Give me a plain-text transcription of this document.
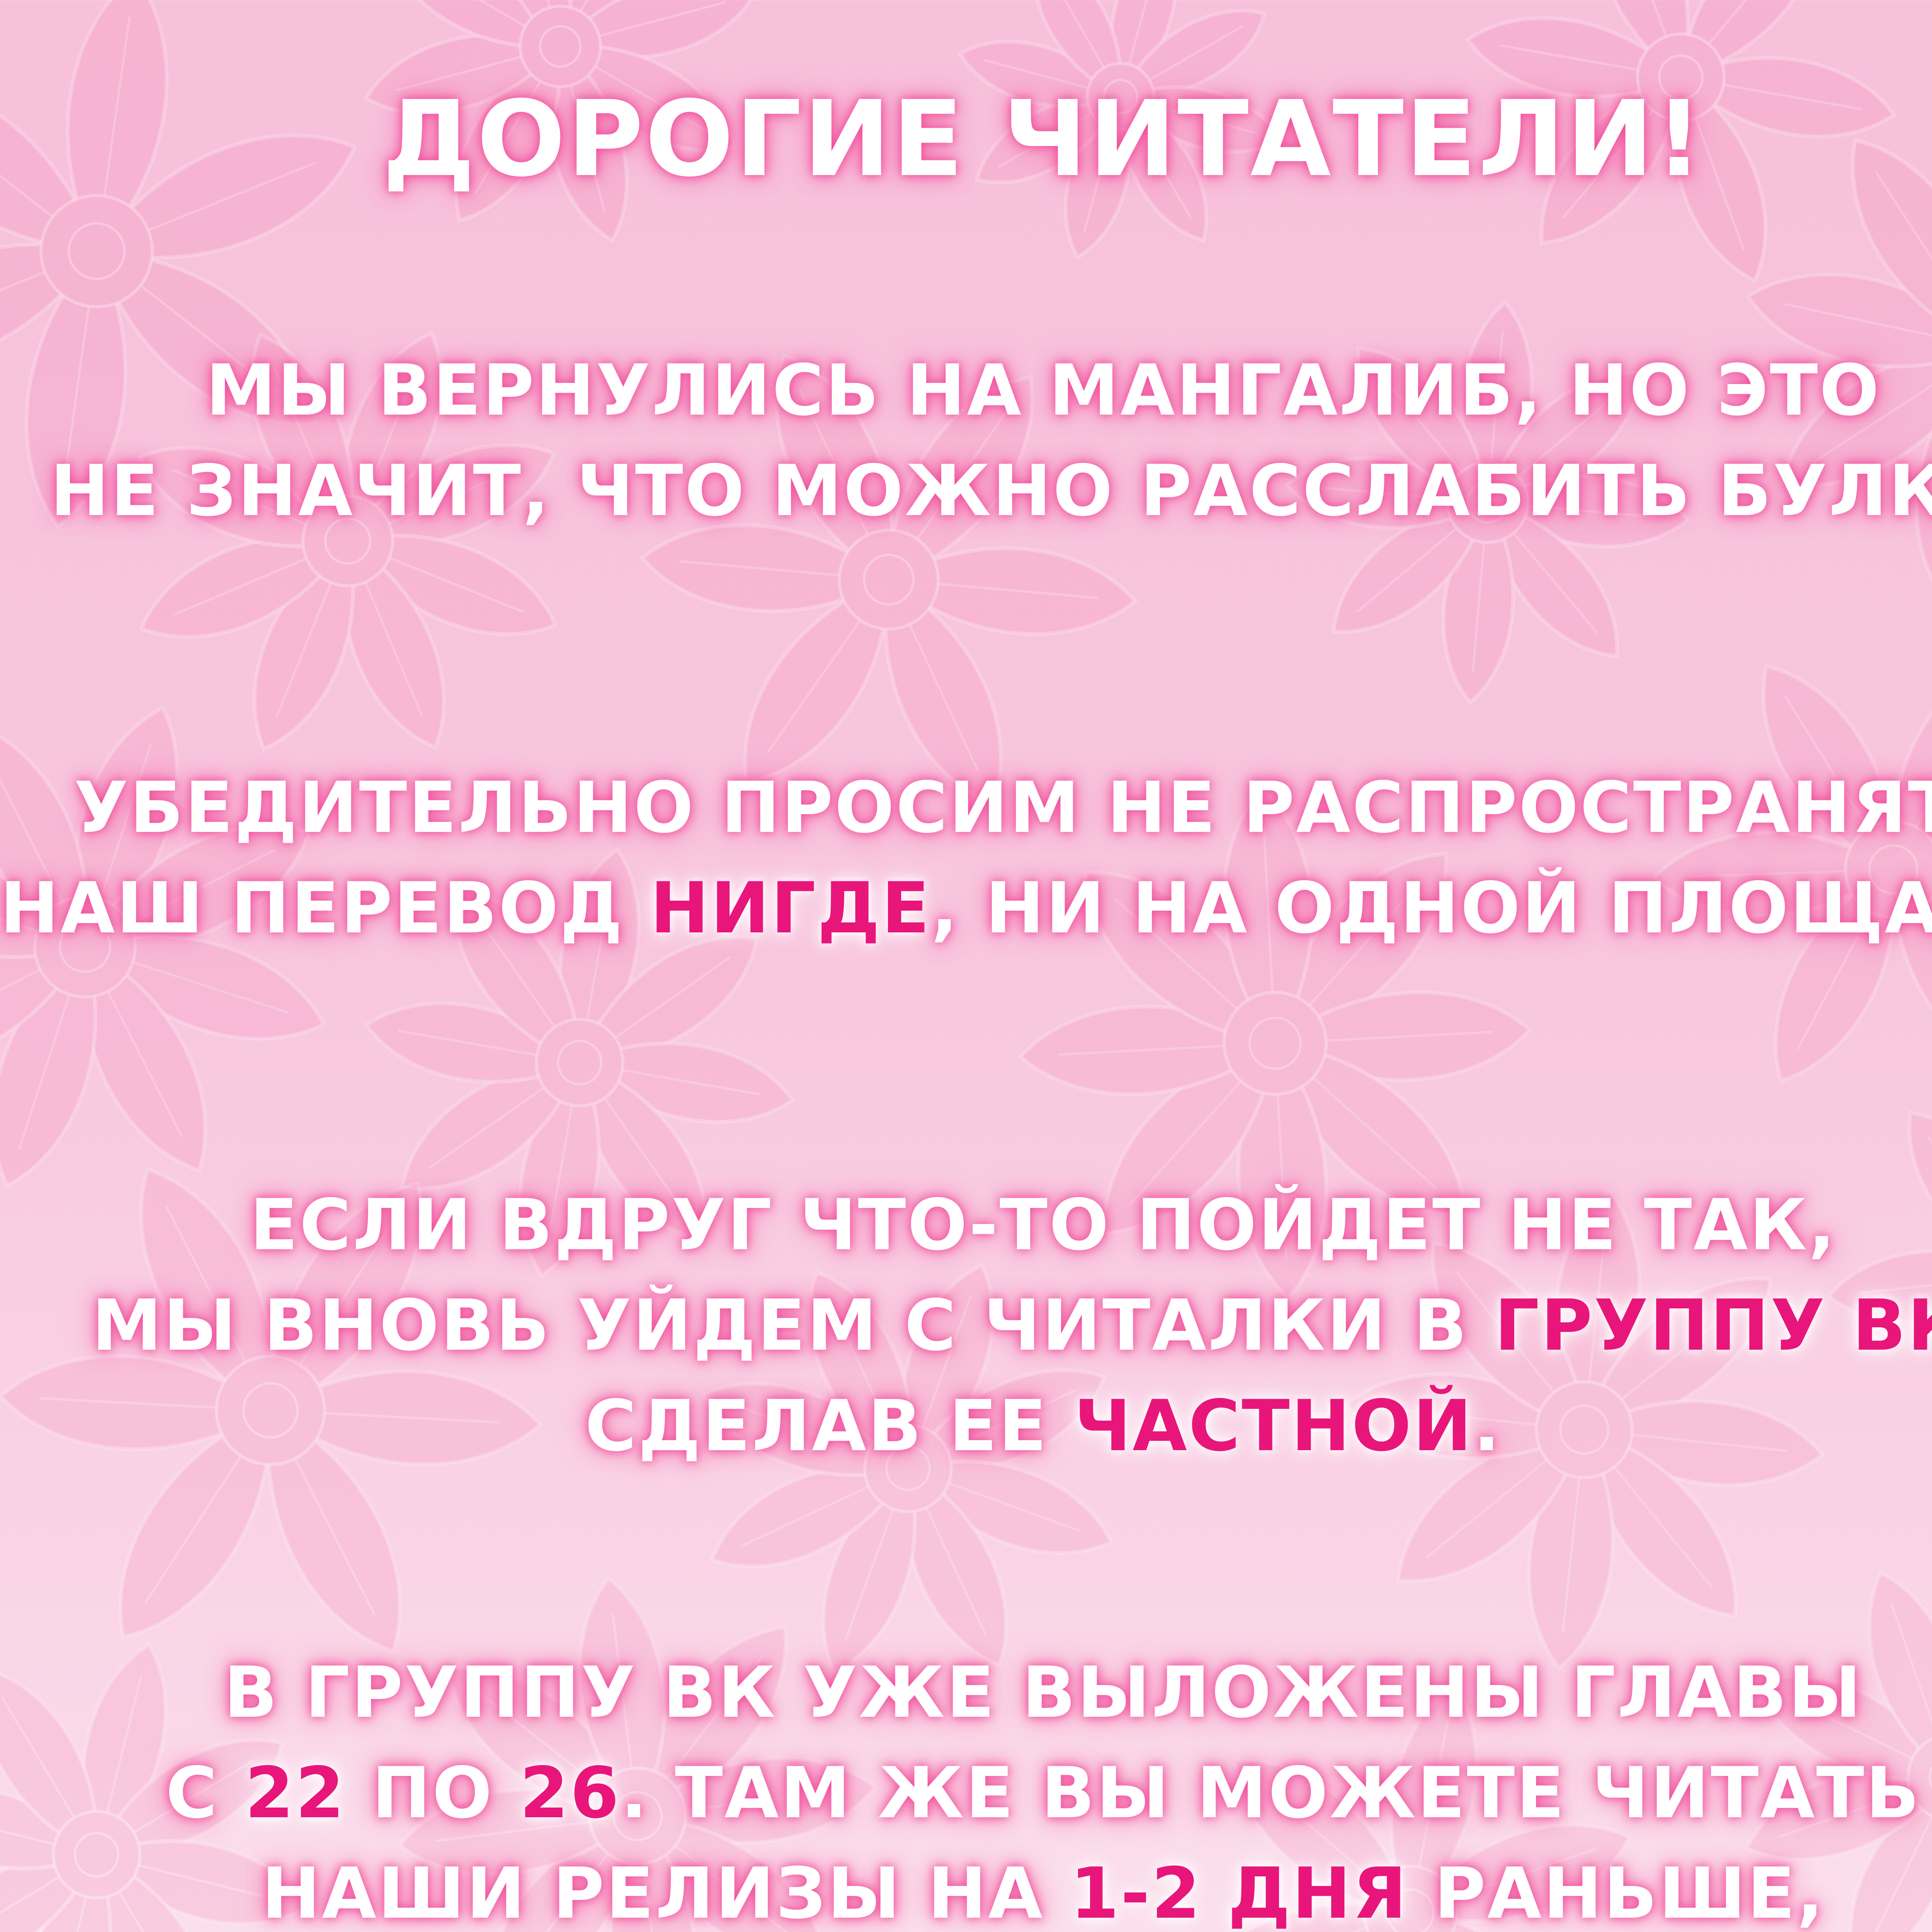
ДОРОГИЕ ЧИТАТЕЛИ!
МЫ ВЕРНУЛИСЬ НА МАНГАЛИБ, НО ЭТО
НЕ ЗНАЧИТ, ЧТО МОЖНО РАССЛАБИТЬ БУЛКИ.
УБЕДИТЕЛЬНО ПРОСИМ НЕ РАСПРОСТРАНЯТЬ
НАШ ПЕРЕВОД НИГДЕ, НИ НА ОДНОЙ ПЛОЩА
ЕСЛИ ВДРУГ ЧТО-ТО ПОЙДЕТ НЕ ТАК,
МЫ ВНОВЬ УЙДЕМ С ЧИТАЛКИ В ГРУППУ ВК
СДЕЛАВ ЕЕ ЧАСТНОЙ.
В ГРУППУ ВК УЖЕ ВЫЛОЖЕНЫ ГЛАВЫ
С 22 ПО 26. ТАМ ЖЕ ВЫ МОЖЕТЕ ЧИТАТЬ
НАШИ РЕЛИЗЫ НА 1-2 ДНЯ РАНЬШЕ,
